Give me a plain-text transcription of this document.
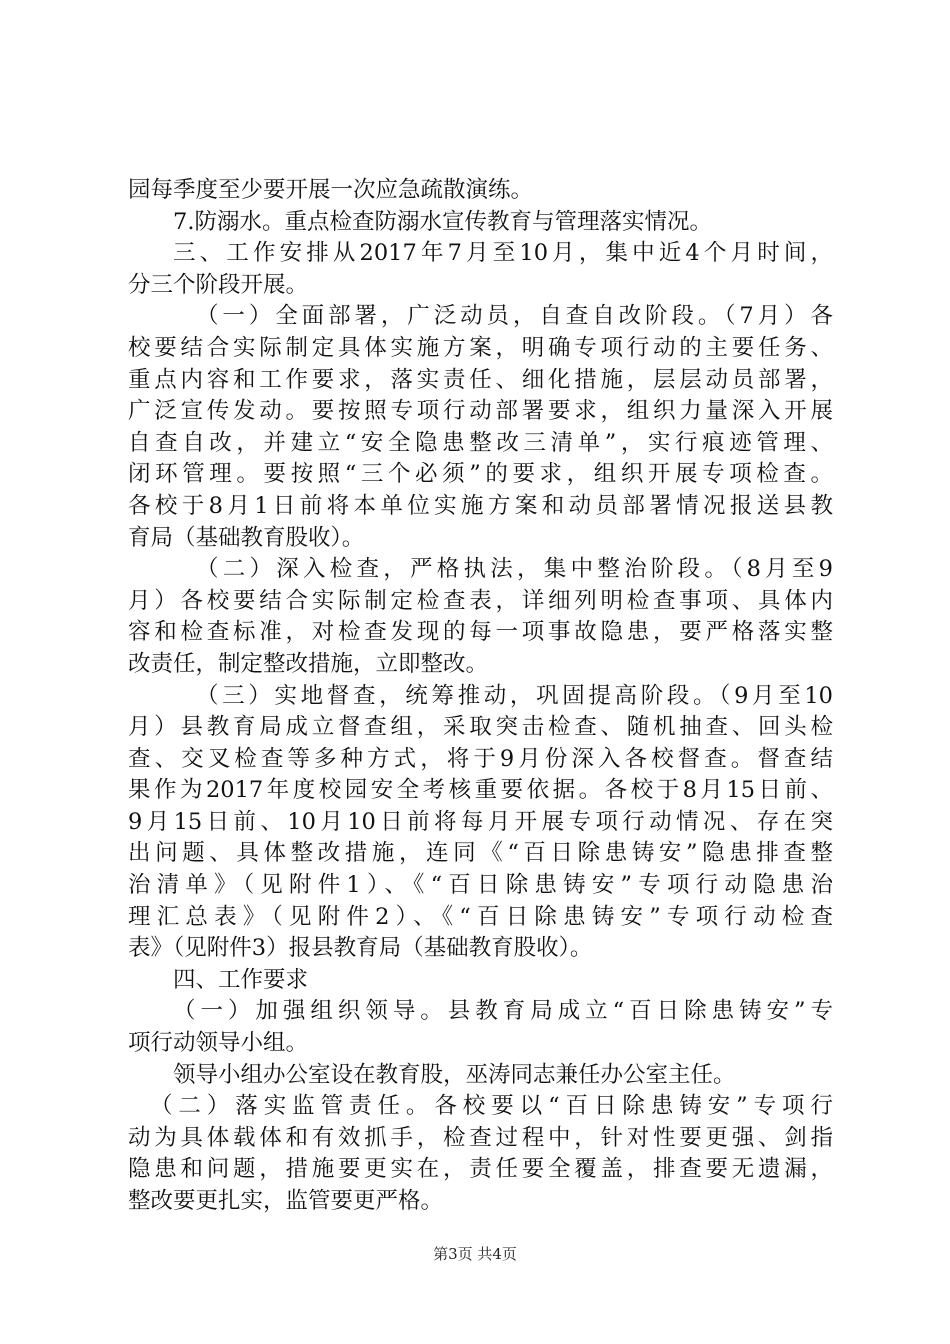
园每季度至少要开展一次应急疏散演练。
7.防溺水。重点检查防溺水宣传教育与管理落实情况。
三、工作安排从2017年7月至10月，集中近4个月时间，
分三个阶段开展。
（一）全面部署，广泛动员，自查自改阶段。（7月）各
校要结合实际制定具体实施方案，明确专项行动的主要任务、
重点内容和工作要求，落实责任、细化措施，层层动员部署，
广泛宣传发动。要按照专项行动部署要求，组织力量深入开展
自查自改，并建立“安全隐患整改三清单”，实行痕迹管理、
闭环管理。要按照“三个必须”的要求，组织开展专项检查。
各校于8月1日前将本单位实施方案和动员部署情况报送县教
育局（基础教育股收）。
（二）深入检查，严格执法，集中整治阶段。（8月至9
月）各校要结合实际制定检查表，详细列明检查事项、具体内
容和检查标准，对检查发现的每一项事故隐患，要严格落实整
改责任，制定整改措施，立即整改。
（三）实地督查，统筹推动，巩固提高阶段。（9月至10
月）县教育局成立督查组，采取突击检查、随机抽查、回头检
查、交叉检查等多种方式，将于9月份深入各校督查。督查结
果作为2017年度校园安全考核重要依据。各校于8月15日前、
9月15日前、10月10日前将每月开展专项行动情况、存在突
出问题、具体整改措施，连同《“百日除患铸安”隐患排查整
治清单》（见附件1）、《“百日除患铸安”专项行动隐患治
理汇总表》（见附件2）、《“百日除患铸安”专项行动检查
表》（见附件3）报县教育局（基础教育股收）。
四、工作要求
（一）加强组织领导。县教育局成立“百日除患铸安”专
项行动领导小组。
领导小组办公室设在教育股，巫涛同志兼任办公室主任。
（二）落实监管责任。各校要以“百日除患铸安”专项行
动为具体载体和有效抓手，检查过程中，针对性要更强、剑指
隐患和问题，措施要更实在，责任要全覆盖，排查要无遗漏，
整改要更扎实，监管要更严格。
第3页 共4页
